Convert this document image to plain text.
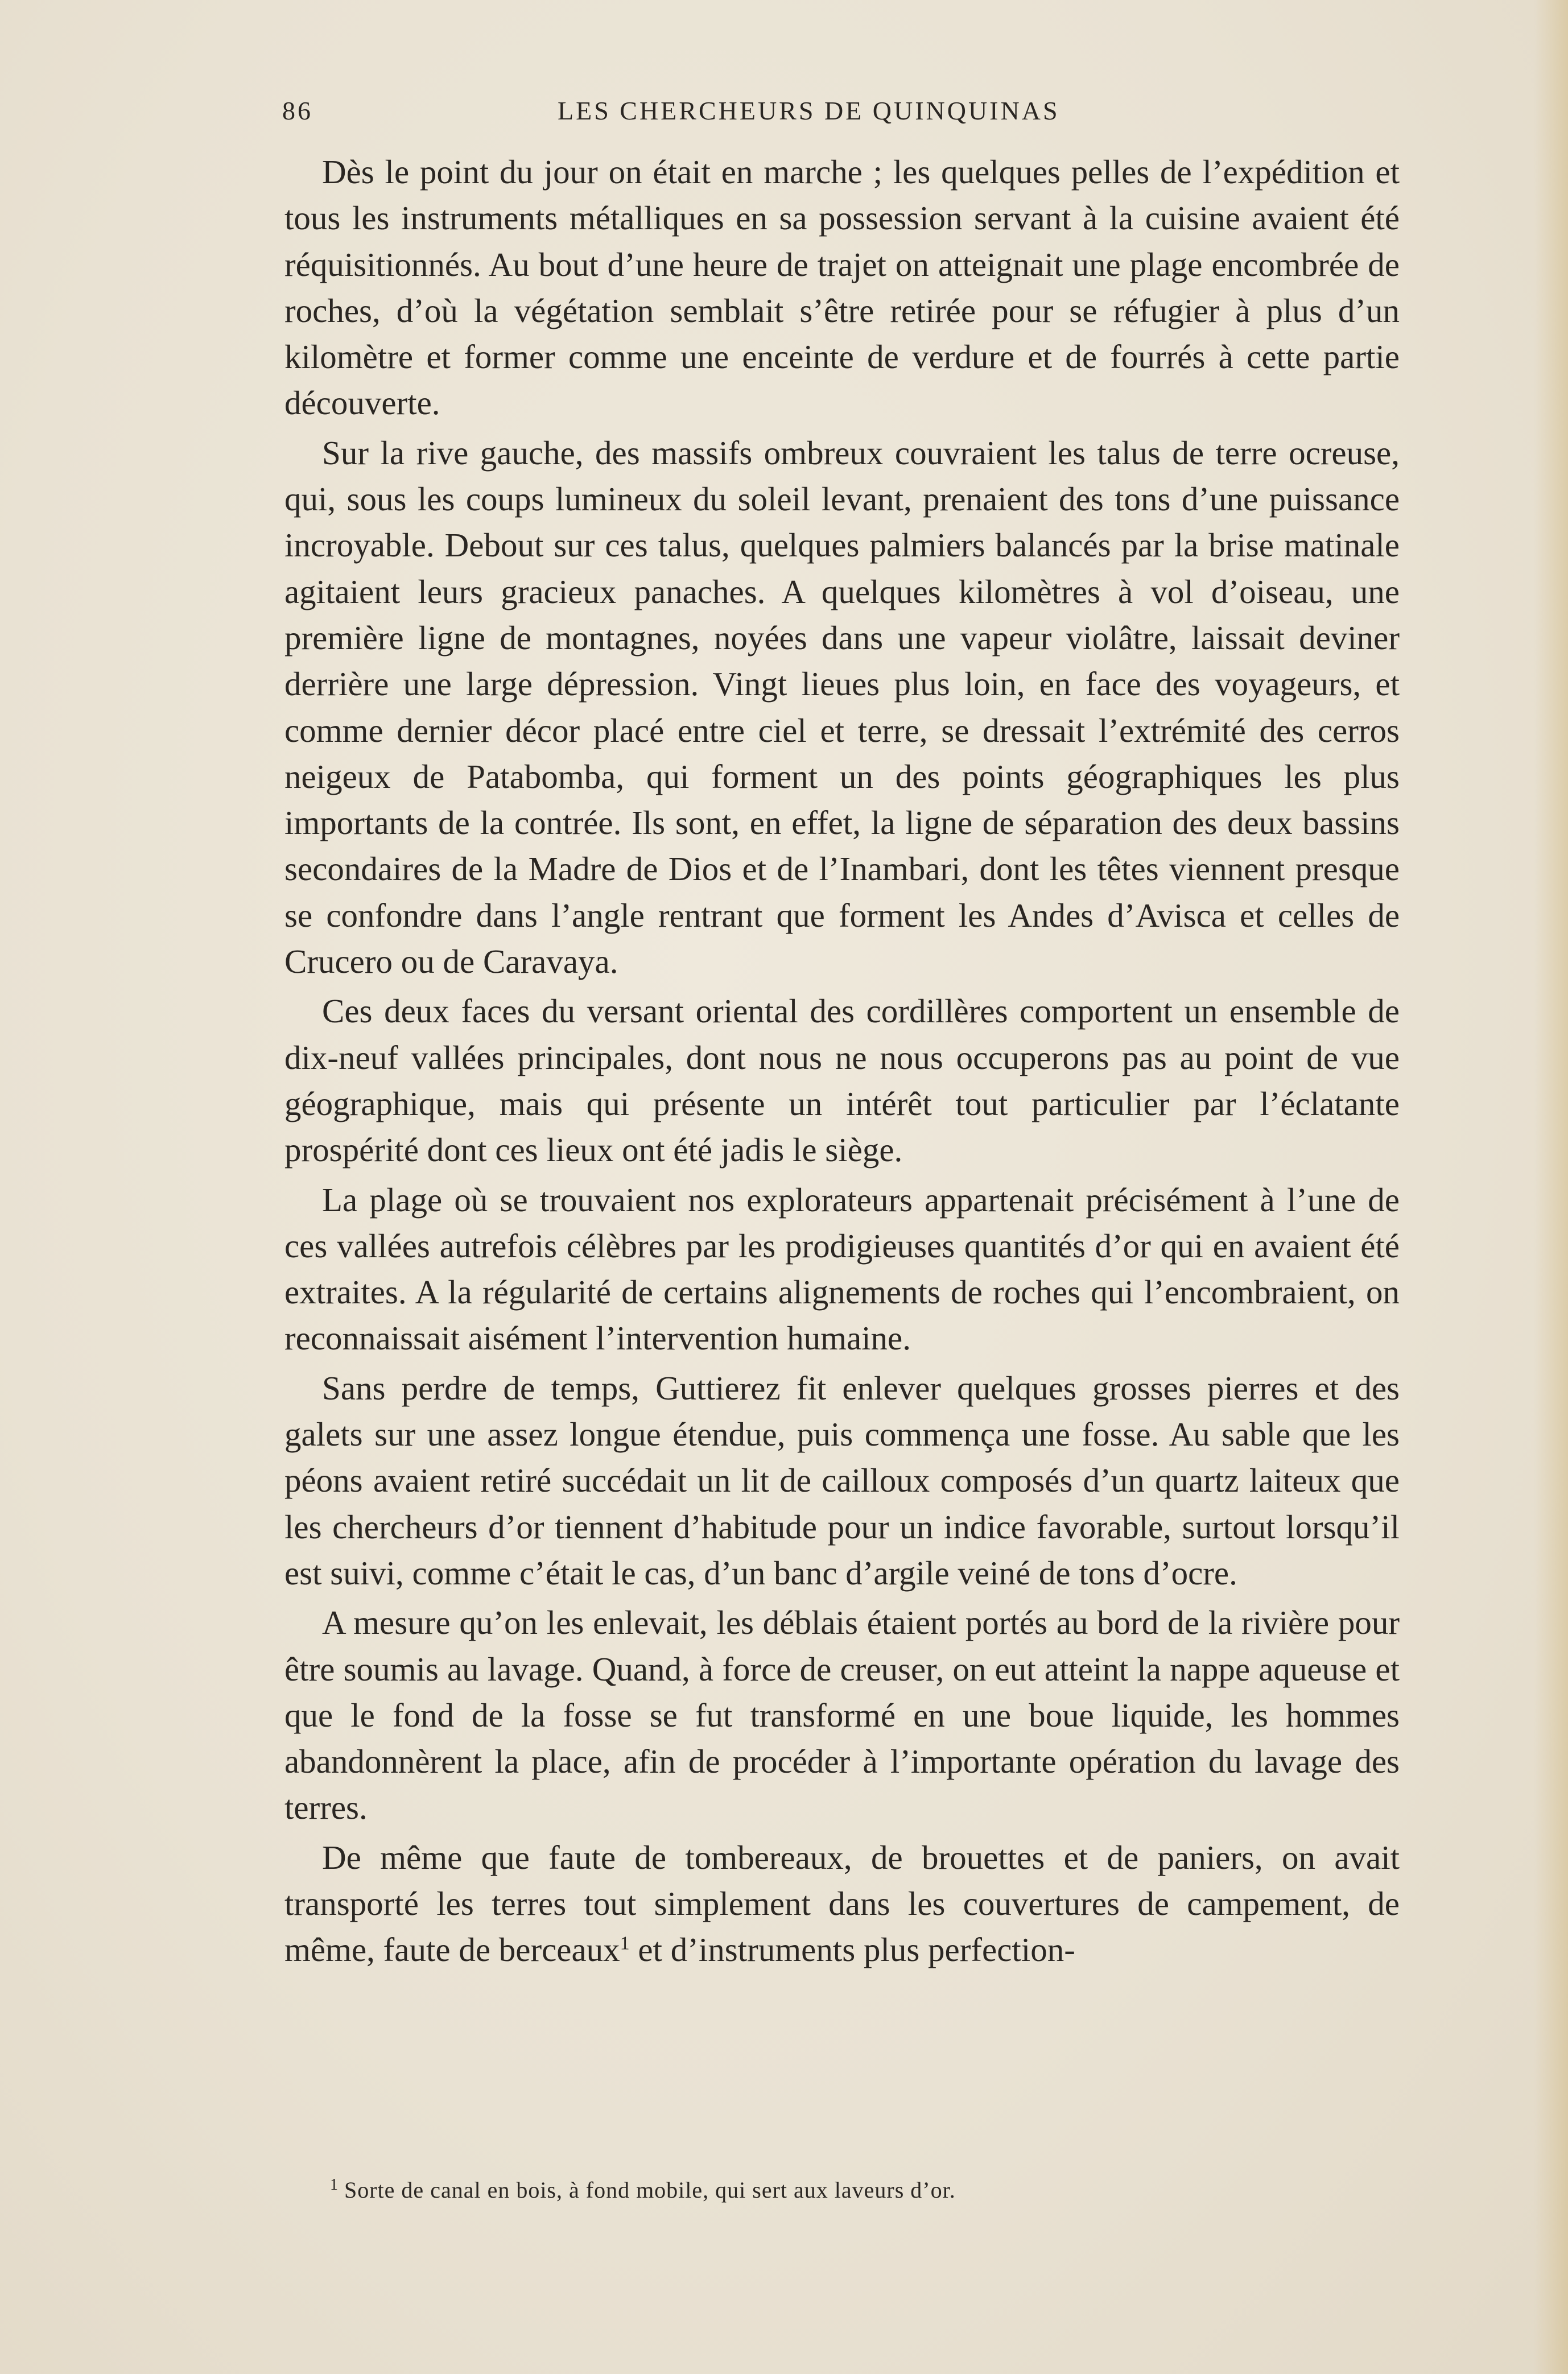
86	LES CHERCHEURS DE QUINQUINAS

Dès le point du jour on était en marche ; les quelques pelles de l’expédition et tous les instruments métalliques en sa possession servant à la cuisine avaient été réquisitionnés. Au bout d’une heure de trajet on atteignait une plage encombrée de roches, d’où la végétation semblait s’être retirée pour se réfugier à plus d’un kilomètre et former comme une enceinte de verdure et de fourrés à cette partie découverte.

Sur la rive gauche, des massifs ombreux couvraient les talus de terre ocreuse, qui, sous les coups lumineux du soleil levant, prenaient des tons d’une puissance incroyable. Debout sur ces talus, quelques palmiers balancés par la brise matinale agitaient leurs gracieux panaches. A quelques kilomètres à vol d’oiseau, une première ligne de montagnes, noyées dans une vapeur violâtre, laissait deviner derrière une large dépression. Vingt lieues plus loin, en face des voyageurs, et comme dernier décor placé entre ciel et terre, se dressait l’extrémité des cerros neigeux de Patabomba, qui forment un des points géographiques les plus importants de la contrée. Ils sont, en effet, la ligne de séparation des deux bassins secondaires de la Madre de Dios et de l’Inambari, dont les têtes viennent presque se confondre dans l’angle rentrant que forment les Andes d’Avisca et celles de Crucero ou de Caravaya.

Ces deux faces du versant oriental des cordillères comportent un ensemble de dix-neuf vallées principales, dont nous ne nous occuperons pas au point de vue géographique, mais qui présente un intérêt tout particulier par l’éclatante prospérité dont ces lieux ont été jadis le siège.

La plage où se trouvaient nos explorateurs appartenait précisément à l’une de ces vallées autrefois célèbres par les prodigieuses quantités d’or qui en avaient été extraites. A la régularité de certains alignements de roches qui l’encombraient, on reconnaissait aisément l’intervention humaine.

Sans perdre de temps, Guttierez fit enlever quelques grosses pierres et des galets sur une assez longue étendue, puis commença une fosse. Au sable que les péons avaient retiré succédait un lit de cailloux composés d’un quartz laiteux que les chercheurs d’or tiennent d’habitude pour un indice favorable, surtout lorsqu’il est suivi, comme c’était le cas, d’un banc d’argile veiné de tons d’ocre.

A mesure qu’on les enlevait, les déblais étaient portés au bord de la rivière pour être soumis au lavage. Quand, à force de creuser, on eut atteint la nappe aqueuse et que le fond de la fosse se fut transformé en une boue liquide, les hommes abandonnèrent la place, afin de procéder à l’importante opération du lavage des terres.

De même que faute de tombereaux, de brouettes et de paniers, on avait transporté les terres tout simplement dans les couvertures de campement, de même, faute de berceaux$^1$ et d’instruments plus perfection-

$^1$ Sorte de canal en bois, à fond mobile, qui sert aux laveurs d’or.
